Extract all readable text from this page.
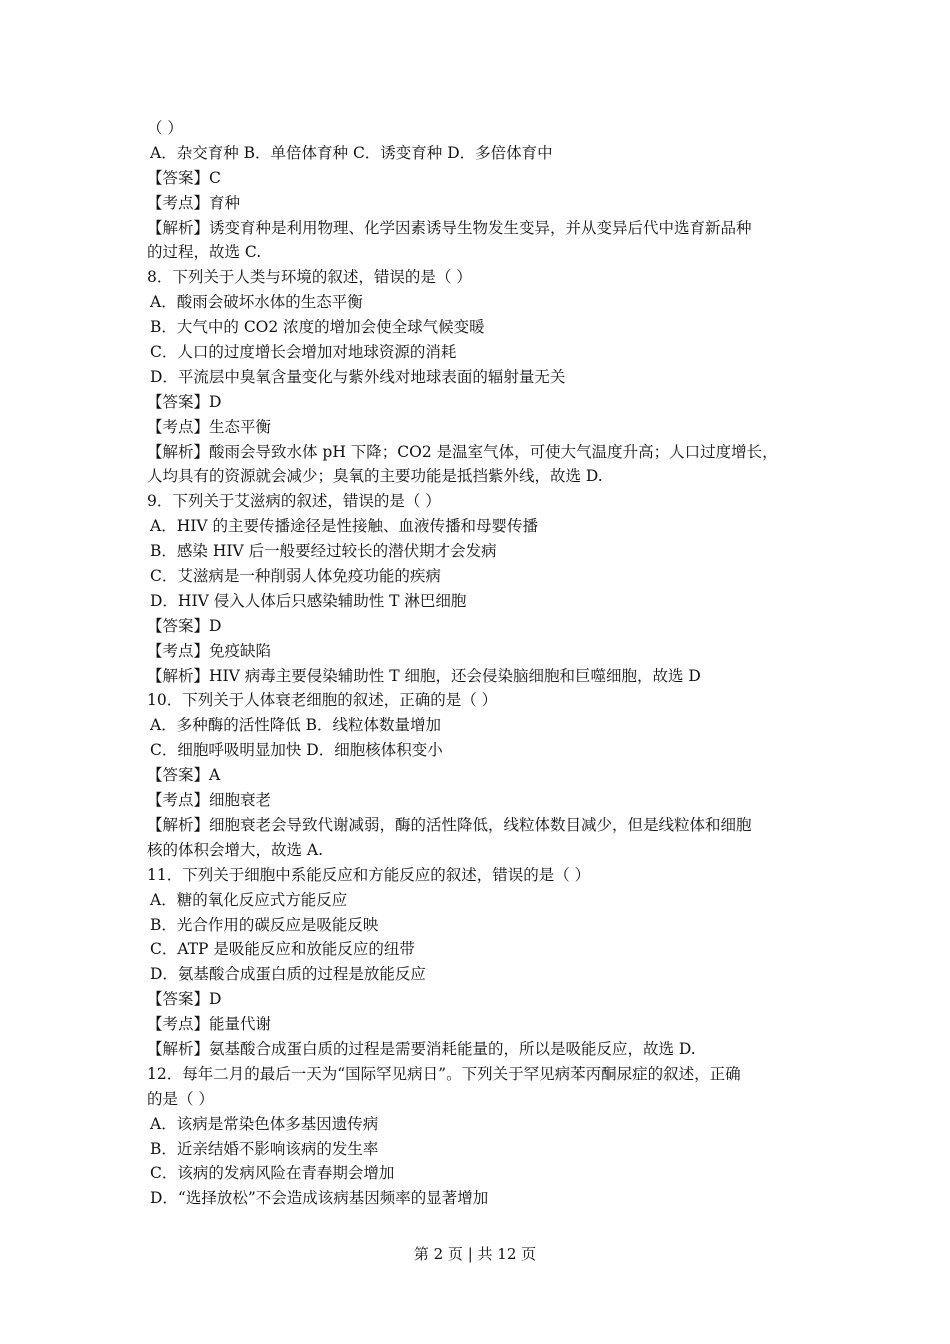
（ ）
A．杂交育种 B．单倍体育种 C．诱变育种 D．多倍体育中
【答案】C
【考点】育种
【解析】诱变育种是利用物理、化学因素诱导生物发生变异，并从变异后代中选育新品种
的过程，故选 C.
8．下列关于人类与环境的叙述，错误的是（ ）
A．酸雨会破坏水体的生态平衡
B．大气中的 CO2 浓度的增加会使全球气候变暖
C．人口的过度增长会增加对地球资源的消耗
D．平流层中臭氧含量变化与紫外线对地球表面的辐射量无关
【答案】D
【考点】生态平衡
【解析】酸雨会导致水体 pH 下降；CO2 是温室气体，可使大气温度升高；人口过度增长，
人均具有的资源就会减少；臭氧的主要功能是抵挡紫外线，故选 D.
9．下列关于艾滋病的叙述，错误的是（ ）
A．HIV 的主要传播途径是性接触、血液传播和母婴传播
B．感染 HIV 后一般要经过较长的潜伏期才会发病
C．艾滋病是一种削弱人体免疫功能的疾病
D．HIV 侵入人体后只感染辅助性 T 淋巴细胞
【答案】D
【考点】免疫缺陷
【解析】HIV 病毒主要侵染辅助性 T 细胞，还会侵染脑细胞和巨噬细胞，故选 D
10．下列关于人体衰老细胞的叙述，正确的是（ ）
A．多种酶的活性降低 B．线粒体数量增加
C．细胞呼吸明显加快 D．细胞核体积变小
【答案】A
【考点】细胞衰老
【解析】细胞衰老会导致代谢减弱，酶的活性降低，线粒体数目减少，但是线粒体和细胞
核的体积会增大，故选 A.
11．下列关于细胞中系能反应和方能反应的叙述，错误的是（ ）
A．糖的氧化反应式方能反应
B．光合作用的碳反应是吸能反映
C．ATP 是吸能反应和放能反应的纽带
D．氨基酸合成蛋白质的过程是放能反应
【答案】D
【考点】能量代谢
【解析】氨基酸合成蛋白质的过程是需要消耗能量的，所以是吸能反应，故选 D.
12．每年二月的最后一天为“国际罕见病日”。下列关于罕见病苯丙酮尿症的叙述，正确
的是（ ）
A．该病是常染色体多基因遗传病
B．近亲结婚不影响该病的发生率
C．该病的发病风险在青春期会增加
D．“选择放松”不会造成该病基因频率的显著增加
第 2 页 | 共 12 页
